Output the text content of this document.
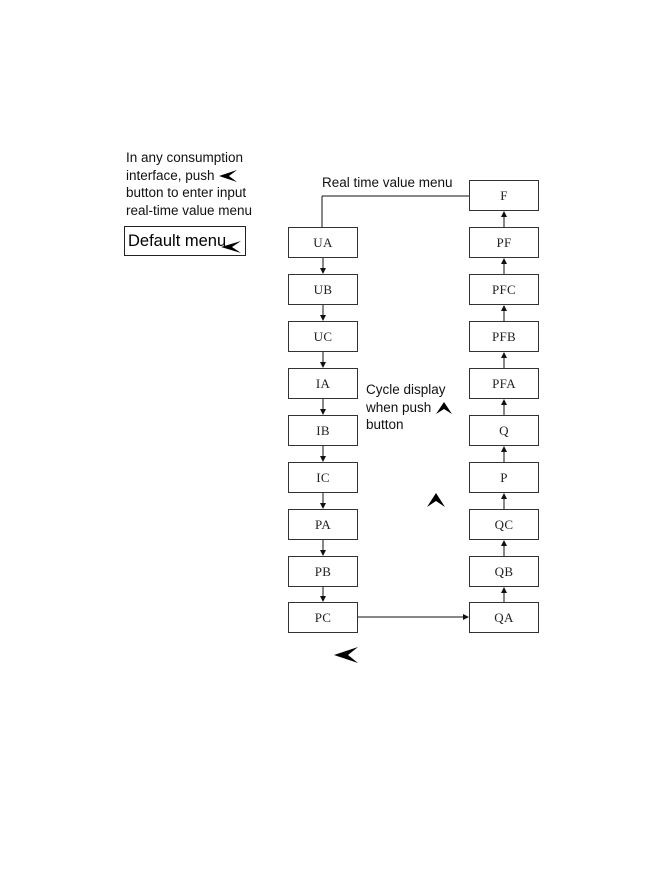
In any consumption
interface, push
button to enter input
real-time value menu
Default menu
Real time value menu
Cycle display
when push
button
UA
UB
UC
IA
IB
IC
PA
PB
PC
F
PF
PFC
PFB
PFA
Q
P
QC
QB
QA
